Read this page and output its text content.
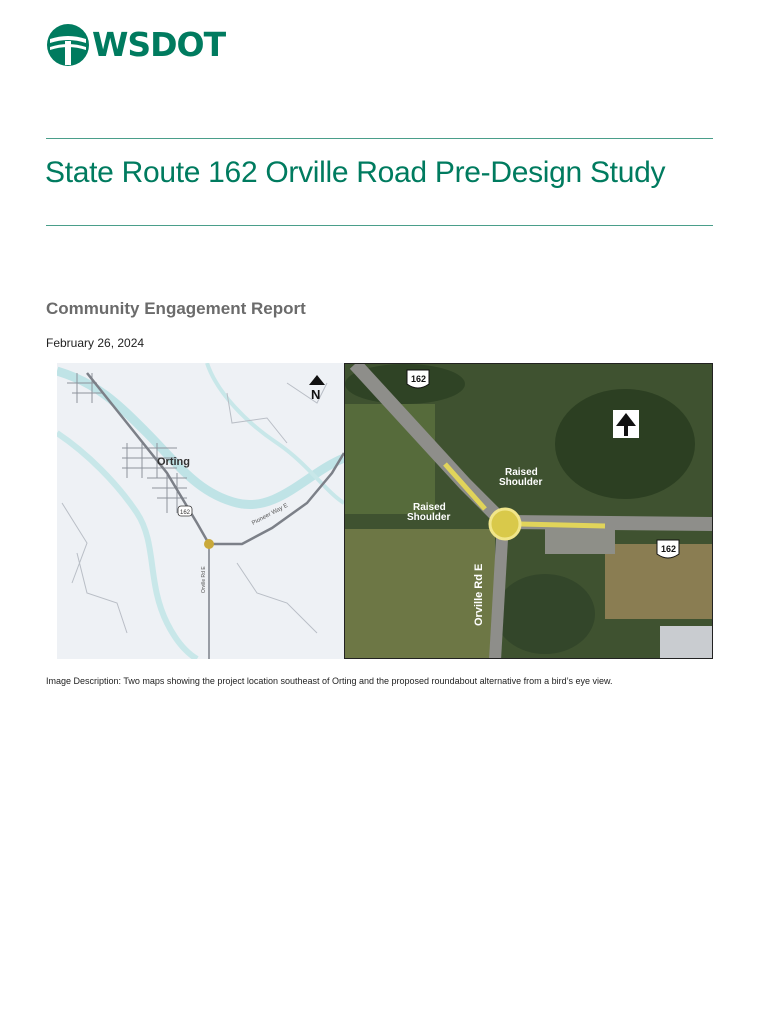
WSDOT
State Route 162 Orville Road Pre-Design Study
Community Engagement Report
February 26, 2024
Orting
162	Pioneer Way E
Orville Rd E
N
162
162
Raised
Shoulder
Raised
Shoulder
Orville Rd E
Image Description: Two maps showing the project location southeast of Orting and the proposed roundabout alternative from a bird’s eye view.
